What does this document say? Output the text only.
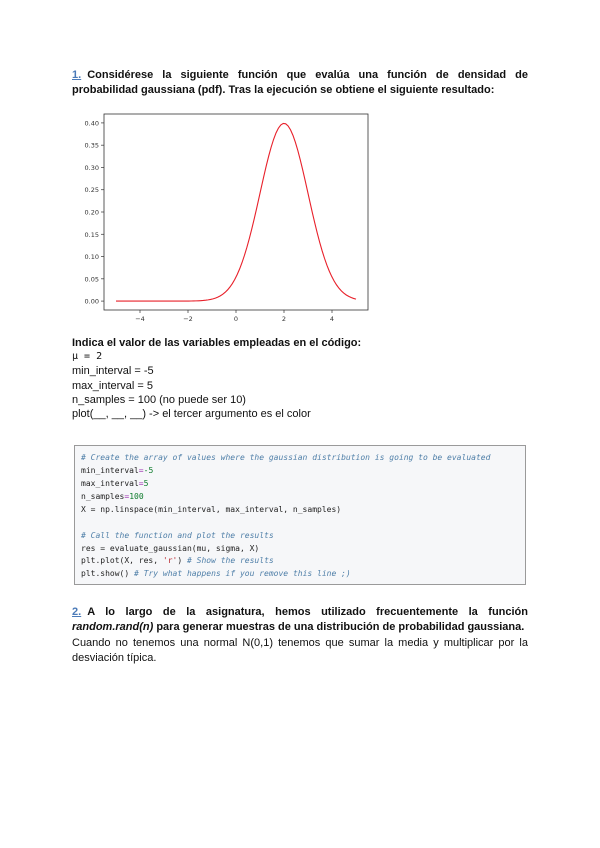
1. Considérese la siguiente función que evalúa una función de densidad de probabilidad gaussiana (pdf). Tras la ejecución se obtiene el siguiente resultado:

0.00
0.05
0.10
0.15
0.20
0.25
0.30
0.35
0.40
−4	−2	0	2	4
Indica el valor de las variables empleadas en el código:
μ = 2
min_interval = -5
max_interval = 5
n_samples = 100 (no puede ser 10)
plot(__, __, __) -> el tercer argumento es el color
# Create the array of values where the gaussian distribution is going to be evaluated
min_interval=-5
max_interval=5
n_samples=100
X = np.linspace(min_interval, max_interval, n_samples)

# Call the function and plot the results
res = evaluate_gaussian(mu, sigma, X)
plt.plot(X, res, 'r') # Show the results
plt.show() # Try what happens if you remove this line ;)

2. A lo largo de la asignatura, hemos utilizado frecuentemente la función random.rand(n) para generar muestras de una distribución de probabilidad gaussiana.

Cuando no tenemos una normal N(0,1) tenemos que sumar la media y multiplicar por la desviación típica.
